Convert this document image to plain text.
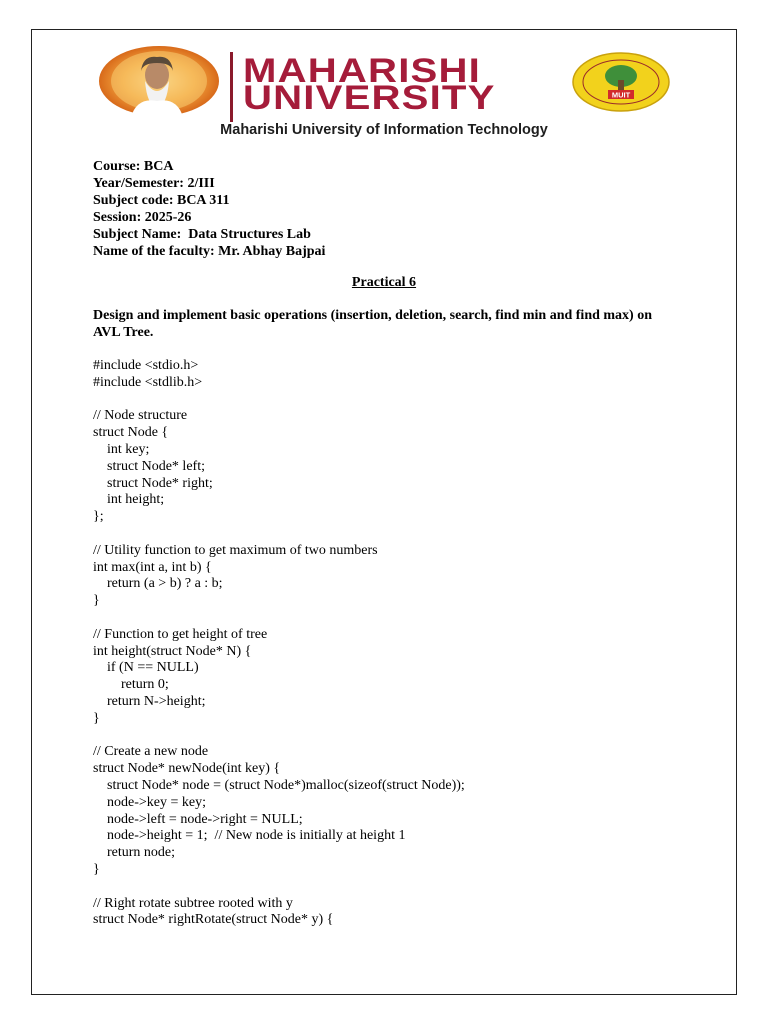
MAHARISHI
UNIVERSITY	MUIT
Maharishi University of Information Technology
Course: BCA
Year/Semester: 2/III
Subject code: BCA 311
Session: 2025-26
Subject Name:  Data Structures Lab
Name of the faculty: Mr. Abhay Bajpai
Practical 6
Design and implement basic operations (insertion, deletion, search, find min and find max) on AVL Tree.
#include <stdio.h>
#include <stdlib.h>
// Node structure
struct Node {
int key;
struct Node* left;
struct Node* right;
int height;
};
// Utility function to get maximum of two numbers
int max(int a, int b) {
return (a > b) ? a : b;
}
// Function to get height of tree
int height(struct Node* N) {
if (N == NULL)
return 0;
return N->height;
}
// Create a new node
struct Node* newNode(int key) {
struct Node* node = (struct Node*)malloc(sizeof(struct Node));
node->key = key;
node->left = node->right = NULL;
node->height = 1;  // New node is initially at height 1
return node;
}
// Right rotate subtree rooted with y
struct Node* rightRotate(struct Node* y) {
